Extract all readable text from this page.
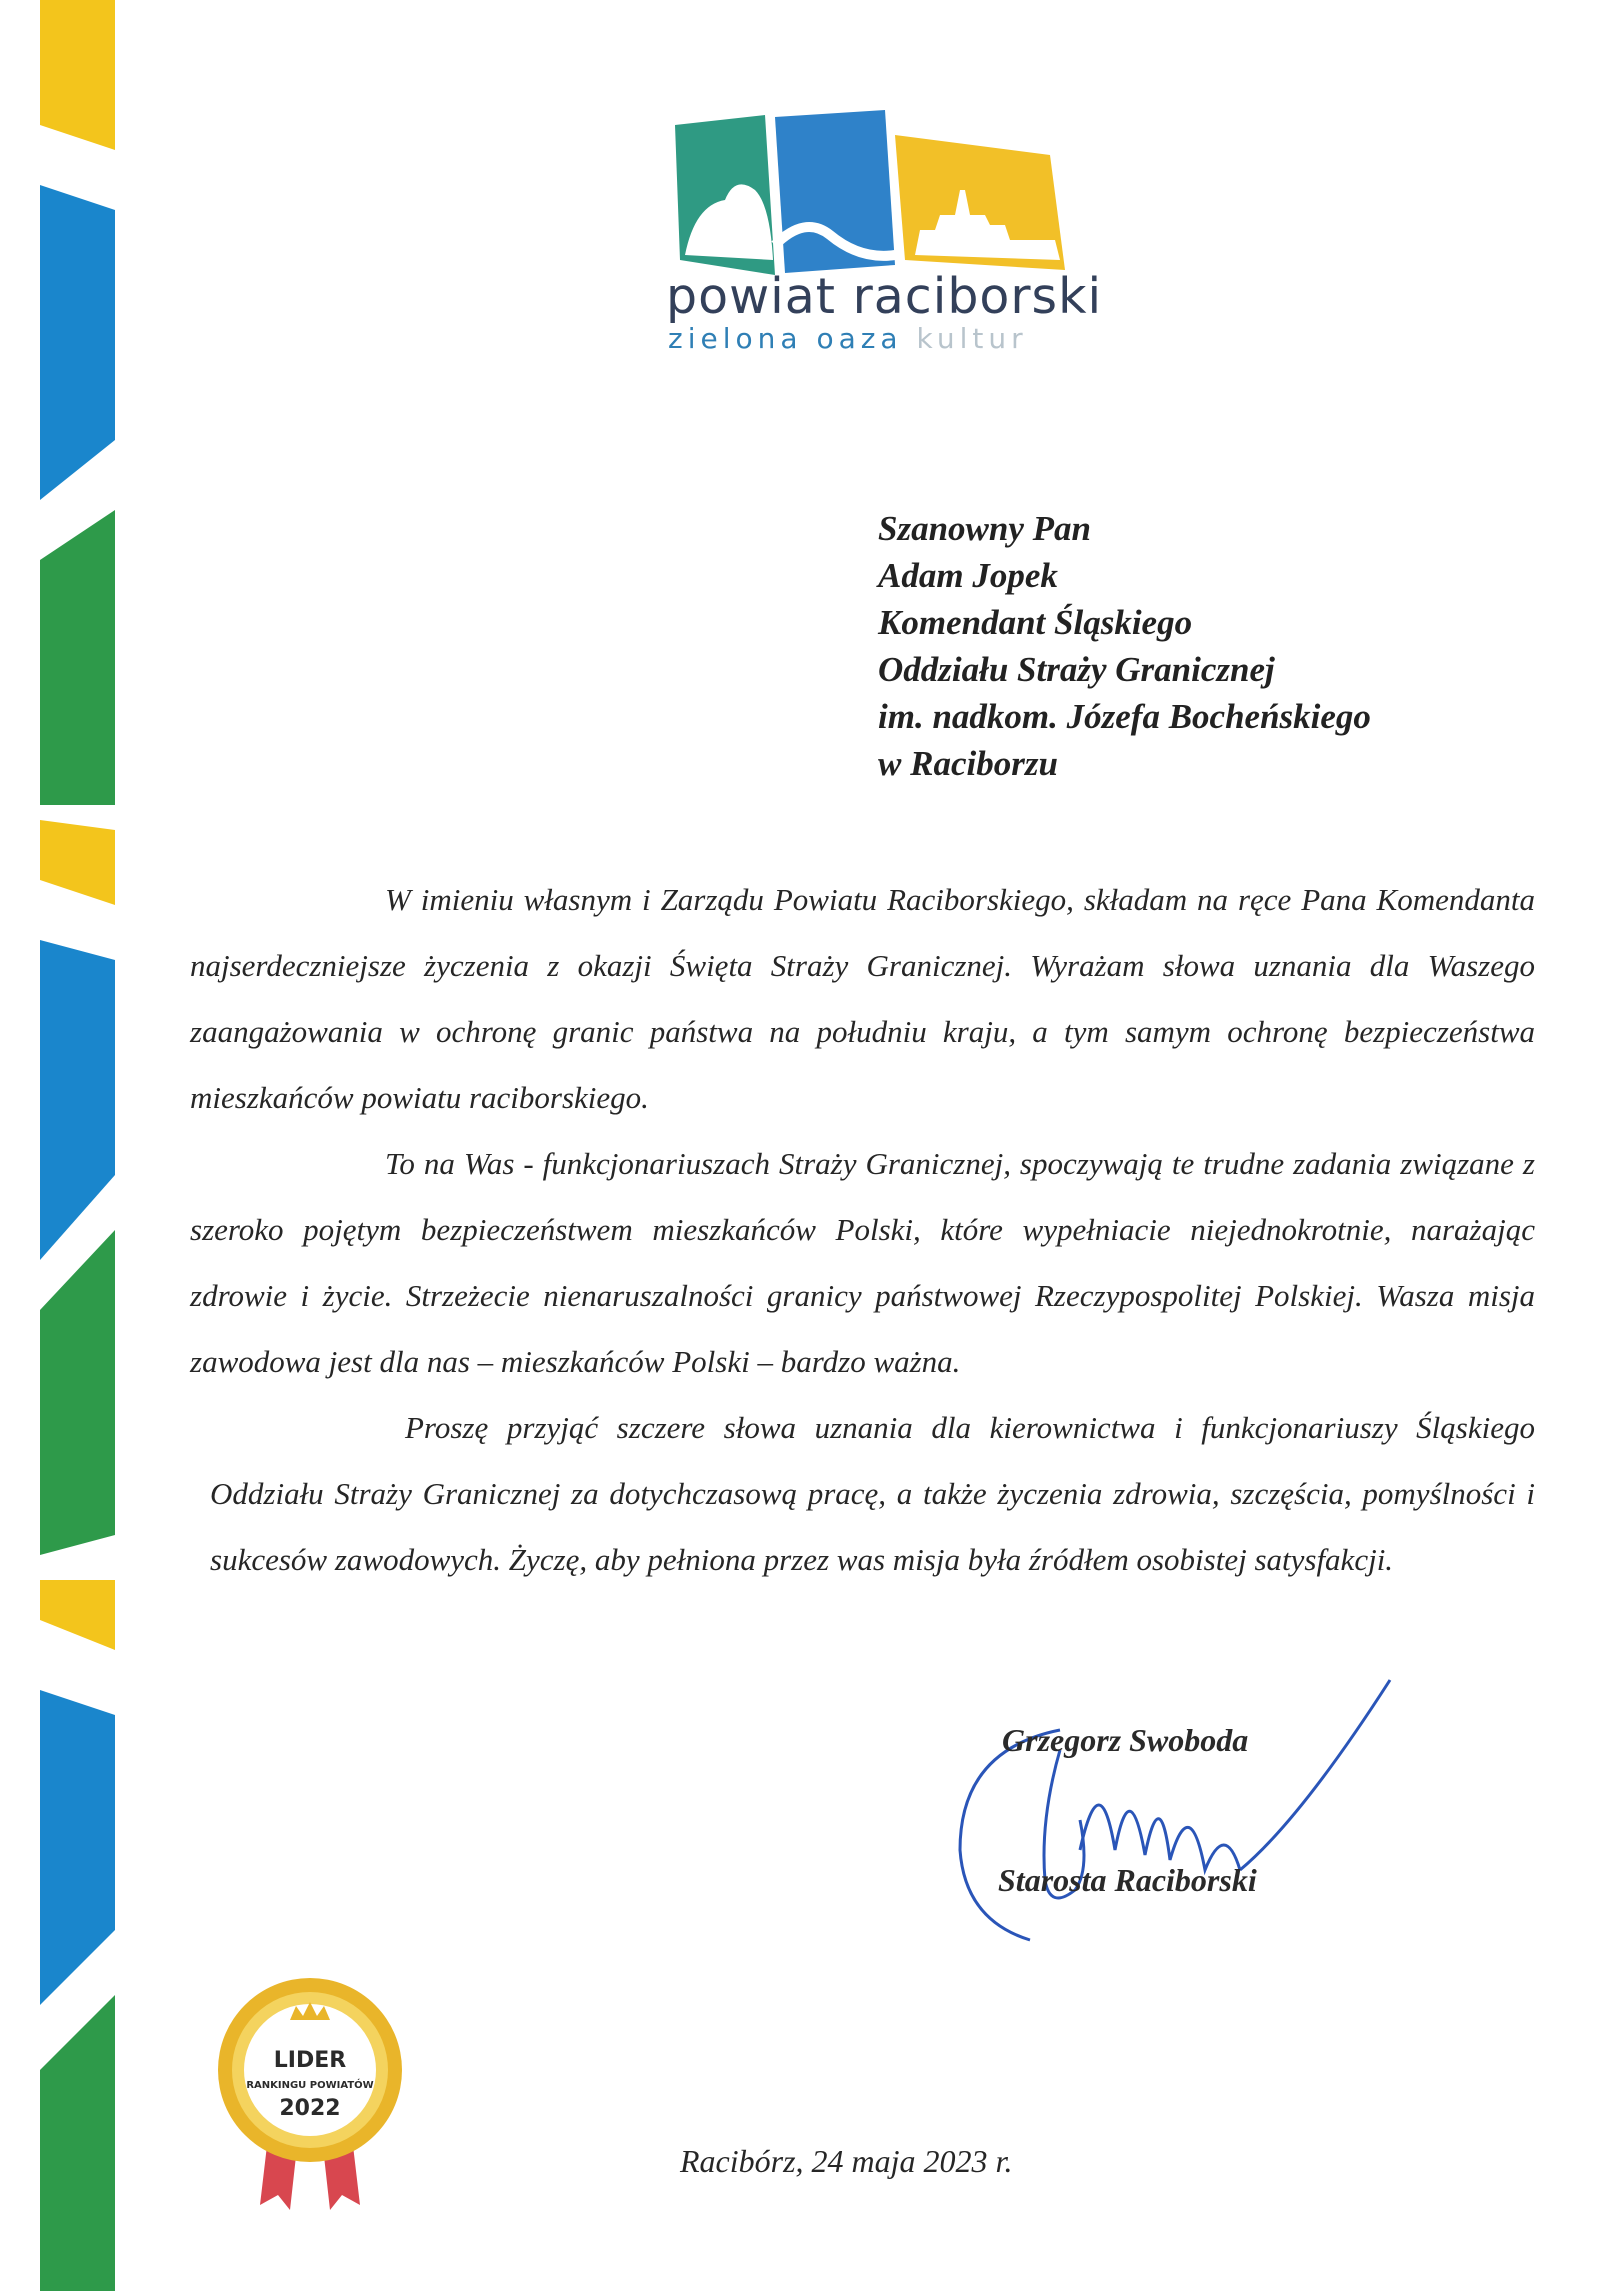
powiat raciborski
zielona oaza kultur
Szanowny Pan
Adam Jopek
Komendant Śląskiego
Oddziału Straży Granicznej
im. nadkom. Józefa Bocheńskiego
w Raciborzu

W imieniu własnym i Zarządu Powiatu Raciborskiego, składam na ręce Pana Komendanta najserdeczniejsze życzenia z okazji Święta Straży Granicznej. Wyrażam słowa uznania dla Waszego zaangażowania w ochronę granic państwa na południu kraju, a tym samym ochronę bezpieczeństwa mieszkańców powiatu raciborskiego.

To na Was - funkcjonariuszach Straży Granicznej, spoczywają te trudne zadania związane z szeroko pojętym bezpieczeństwem mieszkańców Polski, które wypełniacie niejednokrotnie, narażając zdrowie i życie. Strzeżecie nienaruszalności granicy państwowej Rzeczypospolitej Polskiej. Wasza misja zawodowa jest dla nas – mieszkańców Polski – bardzo ważna.

Proszę przyjąć szczere słowa uznania dla kierownictwa i funkcjonariuszy Śląskiego Oddziału Straży Granicznej za dotychczasową pracę, a także życzenia zdrowia, szczęścia, pomyślności i sukcesów zawodowych. Życzę, aby pełniona przez was misja była źródłem osobistej satysfakcji.

Grzegorz Swoboda
Starosta Raciborski
LIDER
RANKINGU POWIATÓW
2022
Racibórz, 24 maja 2023 r.
